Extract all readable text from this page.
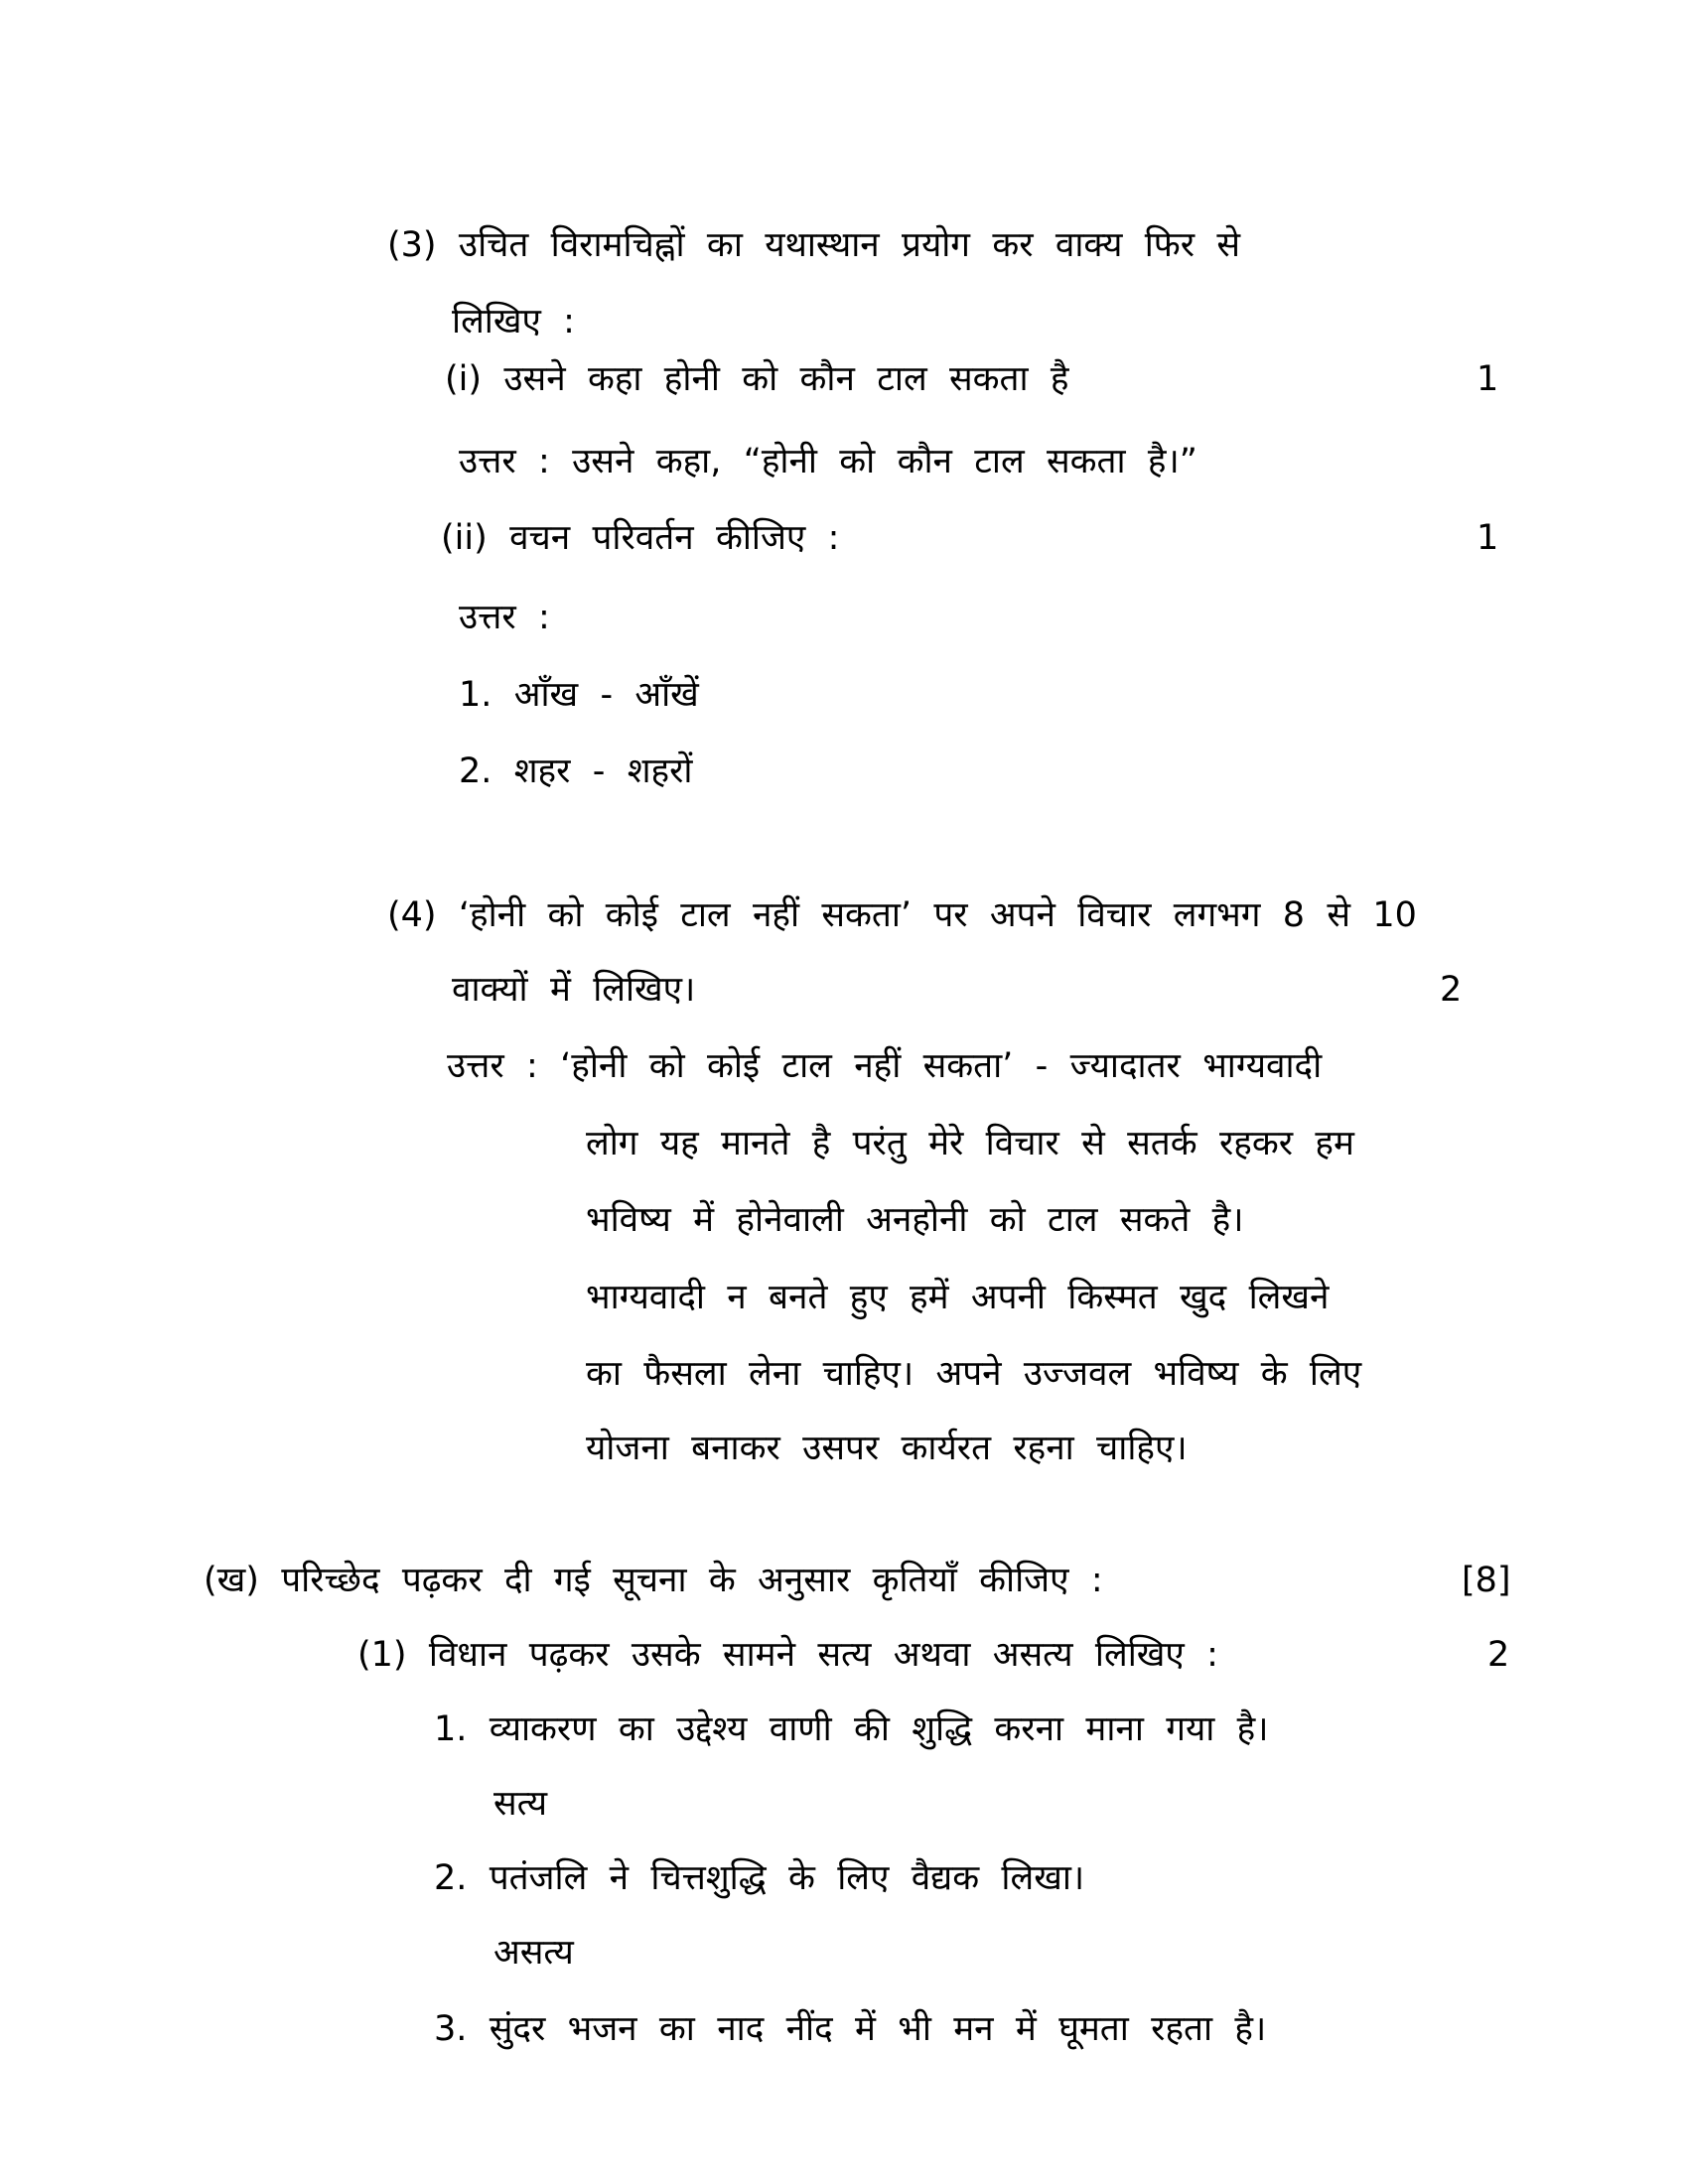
(3) उचित विरामचिह्नों का यथास्थान प्रयोग कर वाक्य फिर से
लिखिए :
(i) उसने कहा होनी को कौन टाल सकता है	1
उत्तर : उसने कहा, “होनी को कौन टाल सकता है।”
(ii) वचन परिवर्तन कीजिए :	1
उत्तर :
1. आँख - आँखें
2. शहर - शहरों
(4) ‘होनी को कोई टाल नहीं सकता’ पर अपने विचार लगभग 8 से 10
वाक्यों में लिखिए।	2
उत्तर : ‘होनी को कोई टाल नहीं सकता’ - ज्यादातर भाग्यवादी
लोग यह मानते है परंतु मेरे विचार से सतर्क रहकर हम
भविष्य में होनेवाली अनहोनी को टाल सकते है।
भाग्यवादी न बनते हुए हमें अपनी किस्मत खुद लिखने
का फैसला लेना चाहिए। अपने उज्जवल भविष्य के लिए
योजना बनाकर उसपर कार्यरत रहना चाहिए।
(ख) परिच्छेद पढ़कर दी गई सूचना के अनुसार कृतियाँ कीजिए :	[8]
(1) विधान पढ़कर उसके सामने सत्य अथवा असत्य लिखिए :	2
1. व्याकरण का उद्देश्य वाणी की शुद्धि करना माना गया है।
सत्य
2. पतंजलि ने चित्तशुद्धि के लिए वैद्यक लिखा।
असत्य
3. सुंदर भजन का नाद नींद में भी मन में घूमता रहता है।
